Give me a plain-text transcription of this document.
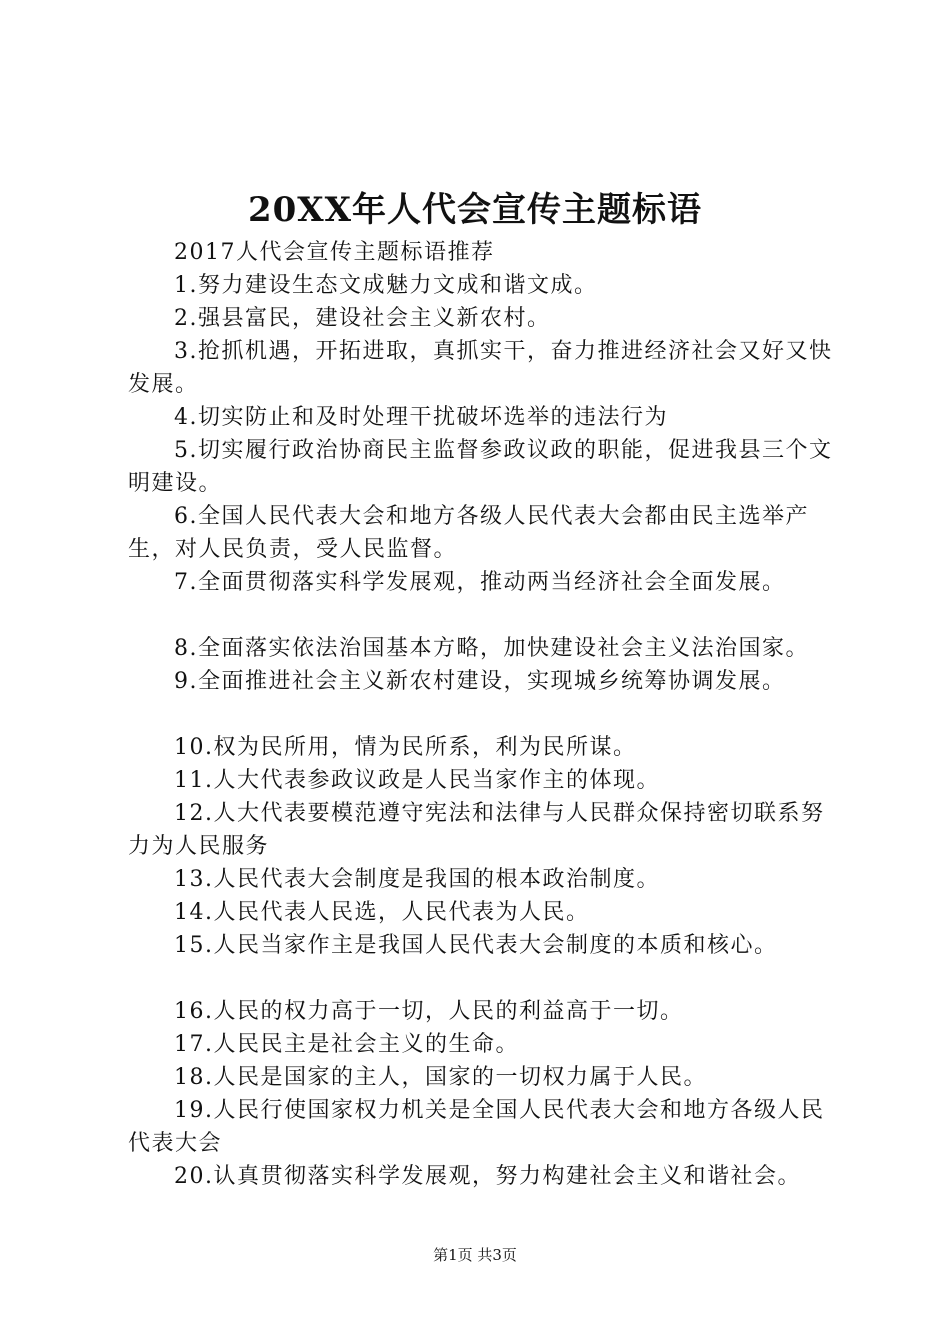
20XX年人代会宣传主题标语

2017人代会宣传主题标语推荐

1.努力建设生态文成魅力文成和谐文成。

2.强县富民，建设社会主义新农村。

3.抢抓机遇，开拓进取，真抓实干，奋力推进经济社会又好又快发展。

4.切实防止和及时处理干扰破坏选举的违法行为

5.切实履行政治协商民主监督参政议政的职能，促进我县三个文明建设。

6.全国人民代表大会和地方各级人民代表大会都由民主选举产生，对人民负责，受人民监督。

7.全面贯彻落实科学发展观，推动两当经济社会全面发展。

8.全面落实依法治国基本方略，加快建设社会主义法治国家。

9.全面推进社会主义新农村建设，实现城乡统筹协调发展。

10.权为民所用，情为民所系，利为民所谋。

11.人大代表参政议政是人民当家作主的体现。

12.人大代表要模范遵守宪法和法律与人民群众保持密切联系努力为人民服务

13.人民代表大会制度是我国的根本政治制度。

14.人民代表人民选，人民代表为人民。

15.人民当家作主是我国人民代表大会制度的本质和核心。

16.人民的权力高于一切，人民的利益高于一切。

17.人民民主是社会主义的生命。

18.人民是国家的主人，国家的一切权力属于人民。

19.人民行使国家权力机关是全国人民代表大会和地方各级人民代表大会

20.认真贯彻落实科学发展观，努力构建社会主义和谐社会。

第1页 共3页
